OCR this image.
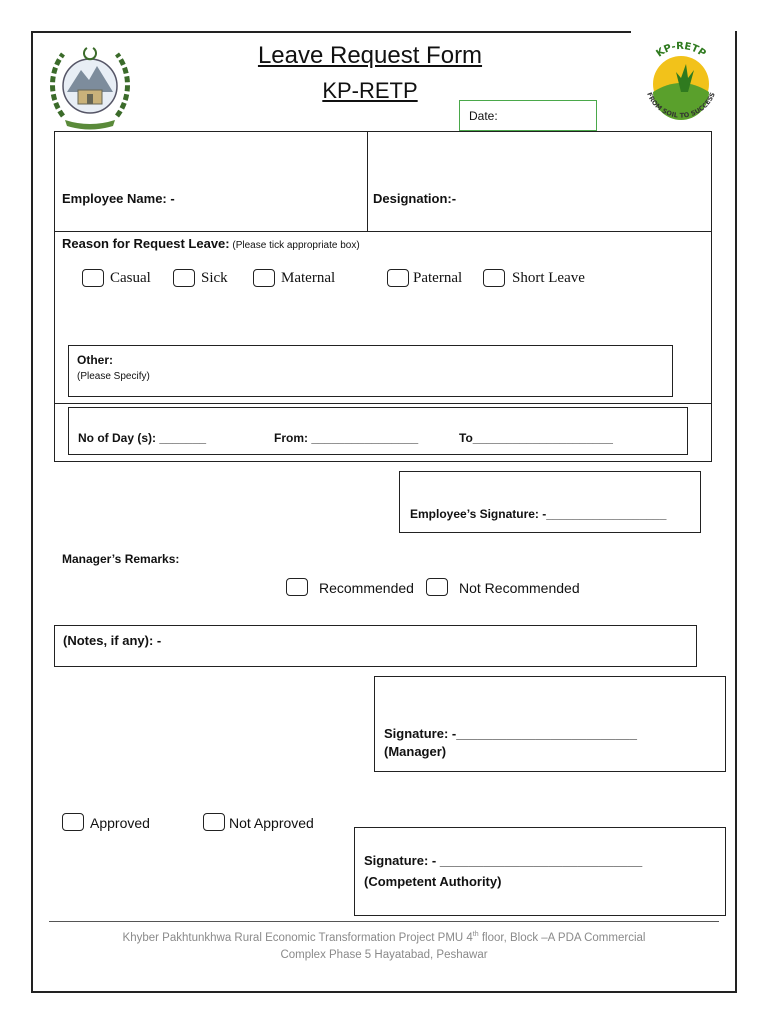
Leave Request Form
KP-RETP
Date:
KP-RETP
FROM SOIL TO SUCCESS
Employee Name: -	Designation:-
Reason for Request Leave: (Please tick appropriate box)
Casual	Sick	Maternal	Paternal	Short Leave
Other:
(Please Specify)
No of Day (s): _______	From: ________________	To_____________________
Employee’s Signature: -__________________
Manager’s Remarks:
Recommended	Not Recommended
(Notes, if any): -
Signature: -_________________________
(Manager)
Approved	Not Approved
Signature: - ____________________________
(Competent Authority)
Khyber Pakhtunkhwa Rural Economic Transformation Project PMU 4th floor, Block –A PDA Commercial
Complex Phase 5 Hayatabad, Peshawar
